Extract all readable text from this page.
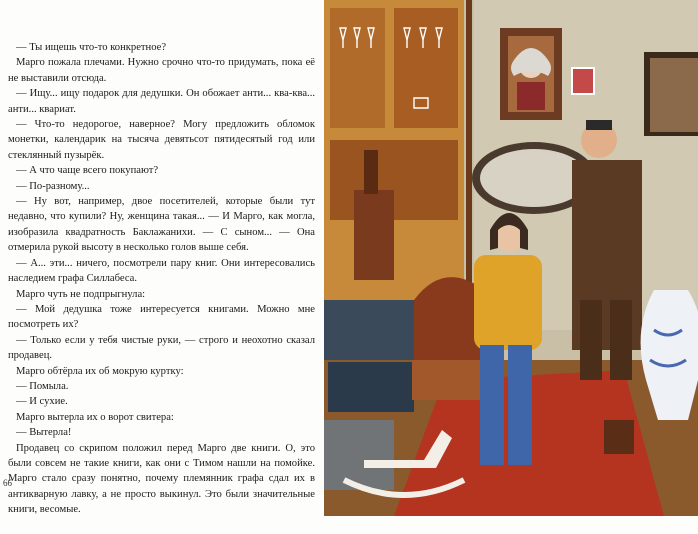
— Ты ищешь что-то конкретное?

Марго пожала плечами. Нужно срочно что-то придумать, пока её не выставили отсюда.

— Ищу... ищу подарок для дедушки. Он обожает анти... ква-ква... анти... квариат.

— Что-то недорогое, наверное? Могу предложить обломок монетки, календарик на тысяча девятьсот пятидесятый год или стеклянный пузырёк.

— А что чаще всего покупают?

— По-разному...

— Ну вот, например, двое посетителей, которые были тут недавно, что купили? Ну, женщина такая... — И Марго, как могла, изобразила квадратность Баклажанихи. — С сыном... — Она отмерила рукой высоту в несколько голов выше себя.

— А... эти... ничего, посмотрели пару книг. Они интересовались наследием графа Силлабеса.

Марго чуть не подпрыгнула:

— Мой дедушка тоже интересуется книгами. Можно мне посмотреть их?

— Только если у тебя чистые руки, — строго и неохотно сказал продавец.

Марго обтёрла их об мокрую куртку:

— Помыла.

— И сухие.

Марго вытерла их о ворот свитера:

— Вытерла!

Продавец со скрипом положил перед Марго две книги. О, это были совсем не такие книги, как они с Тимом нашли на помойке. Марго стало сразу понятно, почему племянник графа сдал их в антикварную лавку, а не просто выкинул. Это были значительные книги, весомые.

66
